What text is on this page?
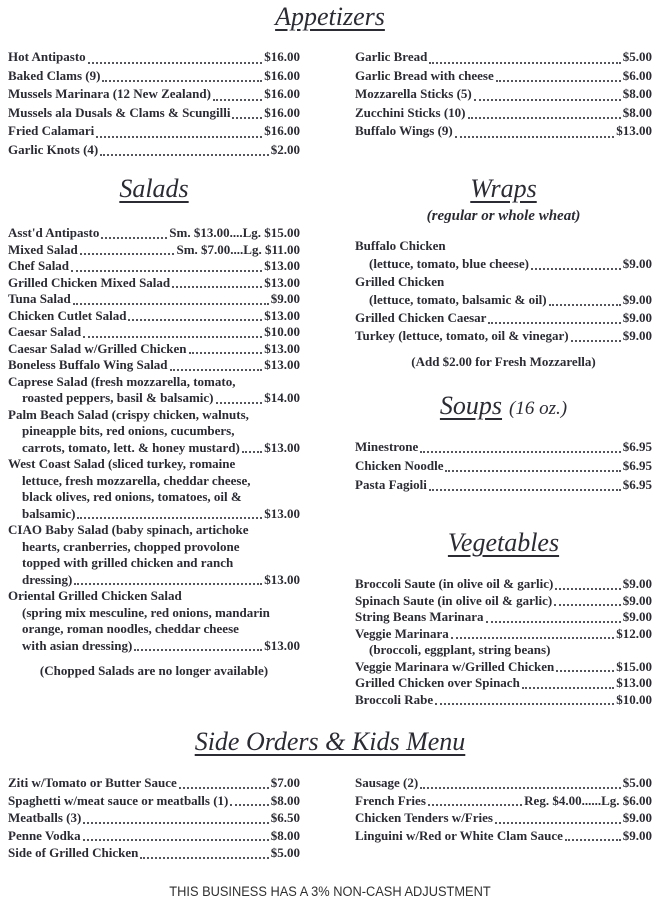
Appetizers
Hot Antipasto	$16.00
Baked Clams (9)	$16.00
Mussels Marinara (12 New Zealand)	$16.00
Mussels ala Dusals & Clams & Scungilli	$16.00
Fried Calamari	$16.00
Garlic Knots (4)	$2.00
Garlic Bread	$5.00
Garlic Bread with cheese	$6.00
Mozzarella Sticks (5)	$8.00
Zucchini Sticks (10)	$8.00
Buffalo Wings (9)	$13.00
Salads
Asst'd Antipasto	Sm. $13.00....Lg. $15.00
Mixed Salad	Sm. $7.00....Lg. $11.00
Chef Salad	$13.00
Grilled Chicken Mixed Salad	$13.00
Tuna Salad	$9.00
Chicken Cutlet Salad	$13.00
Caesar Salad	$10.00
Caesar Salad w/Grilled Chicken	$13.00
Boneless Buffalo Wing Salad	$13.00
Caprese Salad (fresh mozzarella, tomato,
roasted peppers, basil & balsamic)	$14.00
Palm Beach Salad (crispy chicken, walnuts,
pineapple bits, red onions, cucumbers,
carrots, tomato, lett. & honey mustard) $13.00
West Coast Salad (sliced turkey, romaine
lettuce, fresh mozzarella, cheddar cheese,
black olives, red onions, tomatoes, oil &
balsamic)	$13.00
CIAO Baby Salad (baby spinach, artichoke
hearts, cranberries, chopped provolone
topped with grilled chicken and ranch
dressing)	$13.00
Oriental Grilled Chicken Salad
(spring mix mesculine, red onions, mandarin
orange, roman noodles, cheddar cheese
with asian dressing)	$13.00
(Chopped Salads are no longer available)
Wraps
(regular or whole wheat)
Buffalo Chicken
(lettuce, tomato, blue cheese)	$9.00
Grilled Chicken
(lettuce, tomato, balsamic & oil)	$9.00
Grilled Chicken Caesar	$9.00
Turkey (lettuce, tomato, oil & vinegar)	$9.00
(Add $2.00 for Fresh Mozzarella)
Soups (16 oz.)
Minestrone	$6.95
Chicken Noodle	$6.95
Pasta Fagioli	$6.95
Vegetables
Broccoli Saute (in olive oil & garlic)	$9.00
Spinach Saute (in olive oil & garlic)	$9.00
String Beans Marinara	$9.00
Veggie Marinara	$12.00
(broccoli, eggplant, string beans)
Veggie Marinara w/Grilled Chicken	$15.00
Grilled Chicken over Spinach	$13.00
Broccoli Rabe	$10.00
Side Orders & Kids Menu
Ziti w/Tomato or Butter Sauce	$7.00
Spaghetti w/meat sauce or meatballs (1)	$8.00
Meatballs (3)	$6.50
Penne Vodka	$8.00
Side of Grilled Chicken	$5.00
Sausage (2)	$5.00
French Fries	Reg. $4.00......Lg. $6.00
Chicken Tenders w/Fries	$9.00
Linguini w/Red or White Clam Sauce	$9.00
THIS BUSINESS HAS A 3% NON-CASH ADJUSTMENT
